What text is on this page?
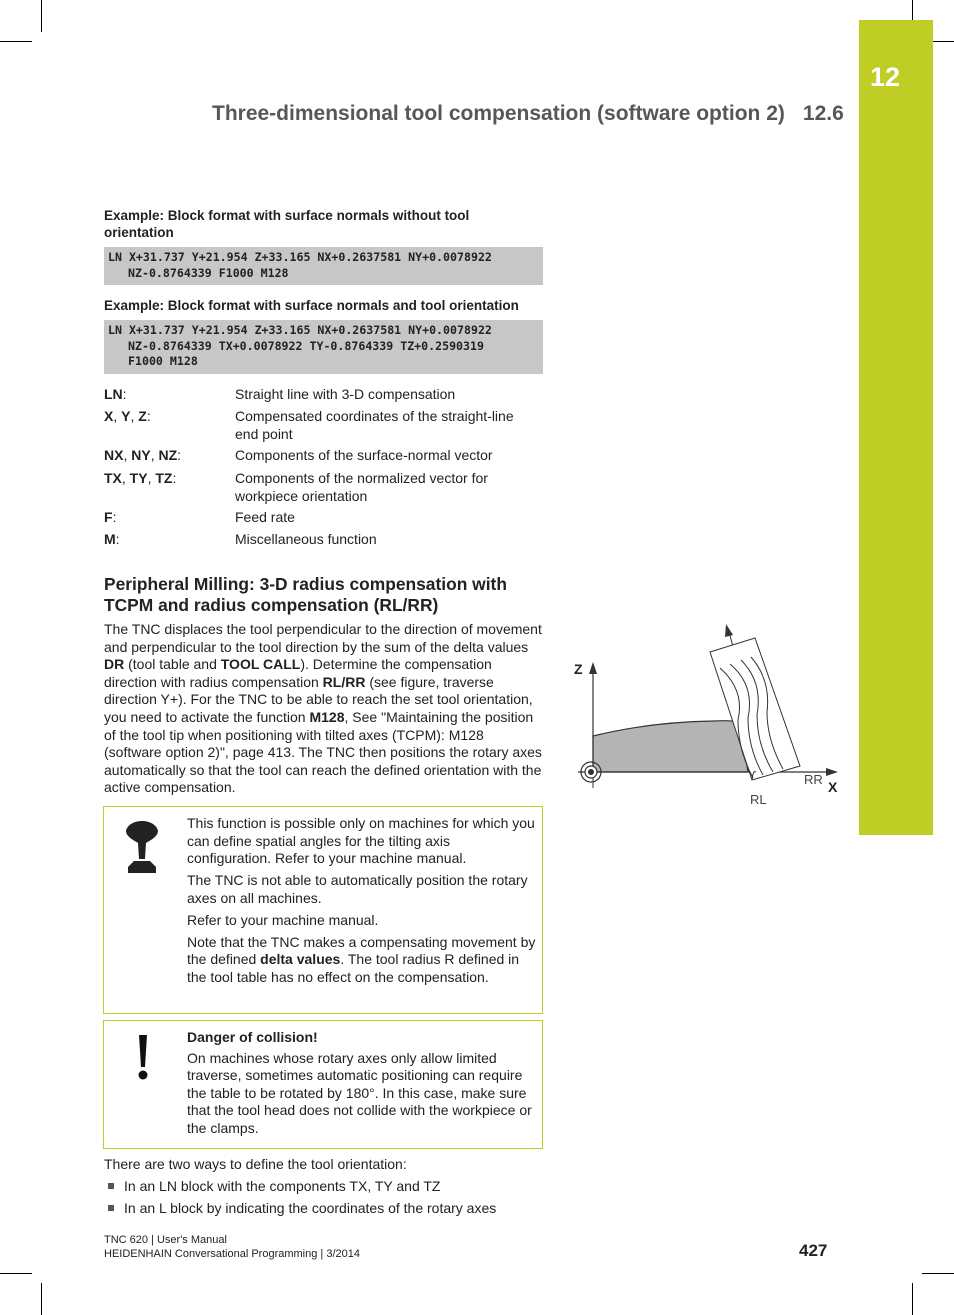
12
Three-dimensional tool compensation (software option 2) 12.6
Example: Block format with surface normals without tool
orientation
LN X+31.737 Y+21.954 Z+33.165 NX+0.2637581 NY+0.0078922
NZ-0.8764339 F1000 M128
Example: Block format with surface normals and tool orientation
LN X+31.737 Y+21.954 Z+33.165 NX+0.2637581 NY+0.0078922
NZ-0.8764339 TX+0.0078922 TY-0.8764339 TZ+0.2590319
F1000 M128
LN:	Straight line with 3-D compensation
X, Y, Z:	Compensated coordinates of the straight-line end point
NX, NY, NZ:	Components of the surface-normal vector
TX, TY, TZ:	Components of the normalized vector for workpiece orientation
F:	Feed rate
M:	Miscellaneous function
Peripheral Milling: 3-D radius compensation with TCPM and radius compensation (RL/RR)
The TNC displaces the tool perpendicular to the direction of movement and perpendicular to the tool direction by the sum of the delta values DR (tool table and TOOL CALL). Determine the compensation direction with radius compensation RL/RR (see figure, traverse direction Y+). For the TNC to be able to reach the set tool orientation, you need to activate the function M128, See "Maintaining the position of the tool tip when positioning with tilted axes (TCPM): M128 (software option 2)", page 413. The TNC then positions the rotary axes automatically so that the tool can reach the defined orientation with the active compensation.
Z
X
RL
RR

This function is possible only on machines for which you can define spatial angles for the tilting axis configuration. Refer to your machine manual.

The TNC is not able to automatically position the rotary axes on all machines.

Refer to your machine manual.

Note that the TNC makes a compensating movement by the defined delta values. The tool radius R defined in the tool table has no effect on the compensation.

Danger of collision!

On machines whose rotary axes only allow limited traverse, sometimes automatic positioning can require the table to be rotated by 180°. In this case, make sure that the tool head does not collide with the workpiece or the clamps.

There are two ways to define the tool orientation:
In an LN block with the components TX, TY and TZ
In an L block by indicating the coordinates of the rotary axes
TNC 620 | User's Manual
HEIDENHAIN Conversational Programming | 3/2014	427
